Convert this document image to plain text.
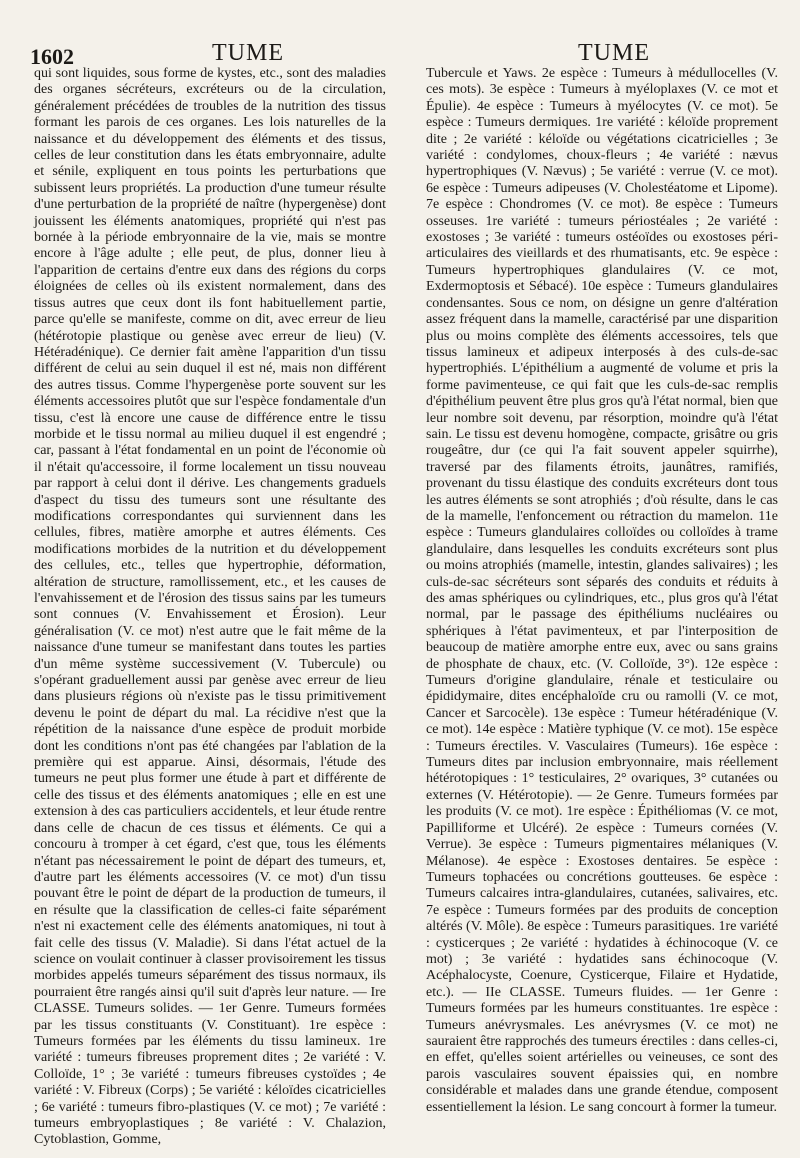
1602	TUME	TUME

qui sont liquides, sous forme de kystes, etc., sont des maladies des organes sécréteurs, excréteurs ou de la circulation, généralement précédées de troubles de la nutrition des tissus formant les parois de ces organes. Les lois naturelles de la naissance et du développement des éléments et des tissus, celles de leur constitution dans les états embryonnaire, adulte et sénile, expliquent en tous points les perturbations que subissent leurs propriétés. La production d'une tumeur résulte d'une perturbation de la propriété de naître (hypergenèse) dont jouissent les éléments anatomiques, propriété qui n'est pas bornée à la période embryonnaire de la vie, mais se montre encore à l'âge adulte ; elle peut, de plus, donner lieu à l'apparition de certains d'entre eux dans des régions du corps éloignées de celles où ils existent normalement, dans des tissus autres que ceux dont ils font habituellement partie, parce qu'elle se manifeste, comme on dit, avec erreur de lieu (hétérotopie plastique ou genèse avec erreur de lieu) (V. Hétéradénique). Ce dernier fait amène l'apparition d'un tissu différent de celui au sein duquel il est né, mais non différent des autres tissus. Comme l'hypergenèse porte souvent sur les éléments accessoires plutôt que sur l'espèce fondamentale d'un tissu, c'est là encore une cause de différence entre le tissu morbide et le tissu normal au milieu duquel il est engendré ; car, passant à l'état fondamental en un point de l'économie où il n'était qu'accessoire, il forme localement un tissu nouveau par rapport à celui dont il dérive. Les changements graduels d'aspect du tissu des tumeurs sont une résultante des modifications correspondantes qui surviennent dans les cellules, fibres, matière amorphe et autres éléments. Ces modifications morbides de la nutrition et du développement des cellules, etc., telles que hypertrophie, déformation, altération de structure, ramollissement, etc., et les causes de l'envahissement et de l'érosion des tissus sains par les tumeurs sont connues (V. Envahissement et Érosion). Leur généralisation (V. ce mot) n'est autre que le fait même de la naissance d'une tumeur se manifestant dans toutes les parties d'un même système successivement (V. Tubercule) ou s'opérant graduellement aussi par genèse avec erreur de lieu dans plusieurs régions où n'existe pas le tissu primitivement devenu le point de départ du mal. La récidive n'est que la répétition de la naissance d'une espèce de produit morbide dont les conditions n'ont pas été changées par l'ablation de la première qui est apparue. Ainsi, désormais, l'étude des tumeurs ne peut plus former une étude à part et différente de celle des tissus et des éléments anatomiques ; elle en est une extension à des cas particuliers accidentels, et leur étude rentre dans celle de chacun de ces tissus et éléments. Ce qui a concouru à tromper à cet égard, c'est que, tous les éléments n'étant pas nécessairement le point de départ des tumeurs, et, d'autre part les éléments accessoires (V. ce mot) d'un tissu pouvant être le point de départ de la production de tumeurs, il en résulte que la classification de celles-ci faite séparément n'est ni exactement celle des éléments anatomiques, ni tout à fait celle des tissus (V. Maladie). Si dans l'état actuel de la science on voulait continuer à classer provisoirement les tissus morbides appelés tumeurs séparément des tissus normaux, ils pourraient être rangés ainsi qu'il suit d'après leur nature. — Ire CLASSE. Tumeurs solides. — 1er Genre. Tumeurs formées par les tissus constituants (V. Constituant). 1re espèce : Tumeurs formées par les éléments du tissu lamineux. 1re variété : tumeurs fibreuses proprement dites ; 2e variété : V. Colloïde, 1° ; 3e variété : tumeurs fibreuses cystoïdes ; 4e variété : V. Fibreux (Corps) ; 5e variété : kéloïdes cicatricielles ; 6e variété : tumeurs fibro-plastiques (V. ce mot) ; 7e variété : tumeurs embryoplastiques ; 8e variété : V. Chalazion, Cytoblastion, Gomme,

Tubercule et Yaws. 2e espèce : Tumeurs à médullocelles (V. ces mots). 3e espèce : Tumeurs à myéloplaxes (V. ce mot et Épulie). 4e espèce : Tumeurs à myélocytes (V. ce mot). 5e espèce : Tumeurs dermiques. 1re variété : kéloïde proprement dite ; 2e variété : kéloïde ou végétations cicatricielles ; 3e variété : condylomes, choux-fleurs ; 4e variété : nævus hypertrophiques (V. Nævus) ; 5e variété : verrue (V. ce mot). 6e espèce : Tumeurs adipeuses (V. Cholestéatome et Lipome). 7e espèce : Chondromes (V. ce mot). 8e espèce : Tumeurs osseuses. 1re variété : tumeurs périostéales ; 2e variété : exostoses ; 3e variété : tumeurs ostéoïdes ou exostoses péri-articulaires des vieillards et des rhumatisants, etc. 9e espèce : Tumeurs hypertrophiques glandulaires (V. ce mot, Exdermoptosis et Sébacé). 10e espèce : Tumeurs glandulaires condensantes. Sous ce nom, on désigne un genre d'altération assez fréquent dans la mamelle, caractérisé par une disparition plus ou moins complète des éléments accessoires, tels que tissus lamineux et adipeux interposés à des culs-de-sac hypertrophiés. L'épithélium a augmenté de volume et pris la forme pavimenteuse, ce qui fait que les culs-de-sac remplis d'épithélium peuvent être plus gros qu'à l'état normal, bien que leur nombre soit devenu, par résorption, moindre qu'à l'état sain. Le tissu est devenu homogène, compacte, grisâtre ou gris rougeâtre, dur (ce qui l'a fait souvent appeler squirrhe), traversé par des filaments étroits, jaunâtres, ramifiés, provenant du tissu élastique des conduits excréteurs dont tous les autres éléments se sont atrophiés ; d'où résulte, dans le cas de la mamelle, l'enfoncement ou rétraction du mamelon. 11e espèce : Tumeurs glandulaires colloïdes ou colloïdes à trame glandulaire, dans lesquelles les conduits excréteurs sont plus ou moins atrophiés (mamelle, intestin, glandes salivaires) ; les culs-de-sac sécréteurs sont séparés des conduits et réduits à des amas sphériques ou cylindriques, etc., plus gros qu'à l'état normal, par le passage des épithéliums nucléaires ou sphériques à l'état pavimenteux, et par l'interposition de beaucoup de matière amorphe entre eux, avec ou sans grains de phosphate de chaux, etc. (V. Colloïde, 3°). 12e espèce : Tumeurs d'origine glandulaire, rénale et testiculaire ou épididymaire, dites encéphaloïde cru ou ramolli (V. ce mot, Cancer et Sarcocèle). 13e espèce : Tumeur hétéradénique (V. ce mot). 14e espèce : Matière typhique (V. ce mot). 15e espèce : Tumeurs érectiles. V. Vasculaires (Tumeurs). 16e espèce : Tumeurs dites par inclusion embryonnaire, mais réellement hétérotopiques : 1° testiculaires, 2° ovariques, 3° cutanées ou externes (V. Hétérotopie). — 2e Genre. Tumeurs formées par les produits (V. ce mot). 1re espèce : Épithéliomas (V. ce mot, Papilliforme et Ulcéré). 2e espèce : Tumeurs cornées (V. Verrue). 3e espèce : Tumeurs pigmentaires mélaniques (V. Mélanose). 4e espèce : Exostoses dentaires. 5e espèce : Tumeurs tophacées ou concrétions goutteuses. 6e espèce : Tumeurs calcaires intra-glandulaires, cutanées, salivaires, etc. 7e espèce : Tumeurs formées par des produits de conception altérés (V. Môle). 8e espèce : Tumeurs parasitiques. 1re variété : cysticerques ; 2e variété : hydatides à échinocoque (V. ce mot) ; 3e variété : hydatides sans échinocoque (V. Acéphalocyste, Coenure, Cysticerque, Filaire et Hydatide, etc.). — IIe CLASSE. Tumeurs fluides. — 1er Genre : Tumeurs formées par les humeurs constituantes. 1re espèce : Tumeurs anévrysmales. Les anévrysmes (V. ce mot) ne sauraient être rapprochés des tumeurs érectiles : dans celles-ci, en effet, qu'elles soient artérielles ou veineuses, ce sont des parois vasculaires souvent épaissies qui, en nombre considérable et malades dans une grande étendue, composent essentiellement la lésion. Le sang concourt à former la tumeur.
